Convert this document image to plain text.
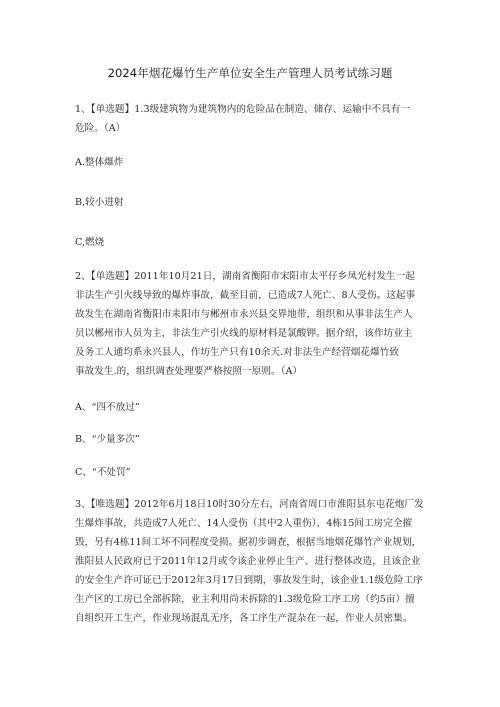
2024年烟花爆竹生产单位安全生产管理人员考试练习题
1、【单选题】1.3级建筑物为建筑物内的危险品在制造、储存、运输中不具有一
危险。（A）
A.整体爆炸
B,较小进射
C,燃烧
2、【单选题】2011年10月21日，湖南省衡阳市宋阳市太平仔乡凤光村发生一起
非法生产引火线导致的爆炸事故，截至目前，已造成7人死亡、8人受伤。这起事
故发生在湖南省衡阳市耒阳市与郴州市永兴县交界地带，组织和从事非法生产人
员以郴州市人员为主，非法生产引火线的原材料是氯酸钾。据介绍，该作坊业主
及务工人通均系永兴县人，作坊生产只有10余天.对非法生产经营烟花爆竹致
事故发生.的，组织调查处理要严格按照一原则。（A）
A、“四不放过”
B、“少量多次”
C、“不处罚”
3、【唯选题】2012年6月18日10时30分左右，河南省周口市淮阳县东屯花炮厂发
生爆炸事故，共造成7人死亡、14人受伤（其中2人重伤），4栋15间工房完全摧
毁，另有4栋11间工坏不同程度受损。据初步调查，根据当地烟花爆竹产业规划，
淮阳县人民政府已于2011年12月或令该企业停止生产、进行整体改造，且该企业
的安全生产许可证已于2012年3月17日到期，事故发生时，该企业1.1级危险工序
生产区的工房已全部拆除，业主利用尚未拆除的1.3级危险工序工房（约5亩）擅
自组织开工生产，作业现场混乱无序，各工序生产混杂在一起，作业人员密集。
